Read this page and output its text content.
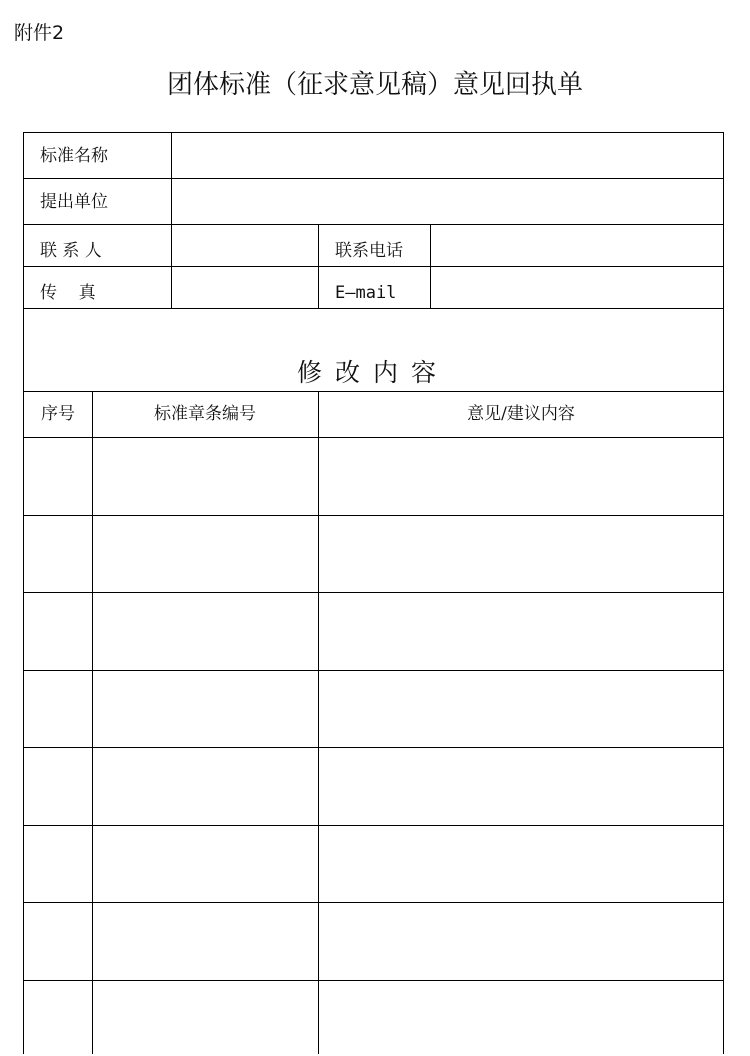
附件2
团体标准（征求意见稿）意见回执单
标准名称
提出单位
联 系 人	联系电话
传    真	E—mail
修改内容
序号	标准章条编号	意见/建议内容
